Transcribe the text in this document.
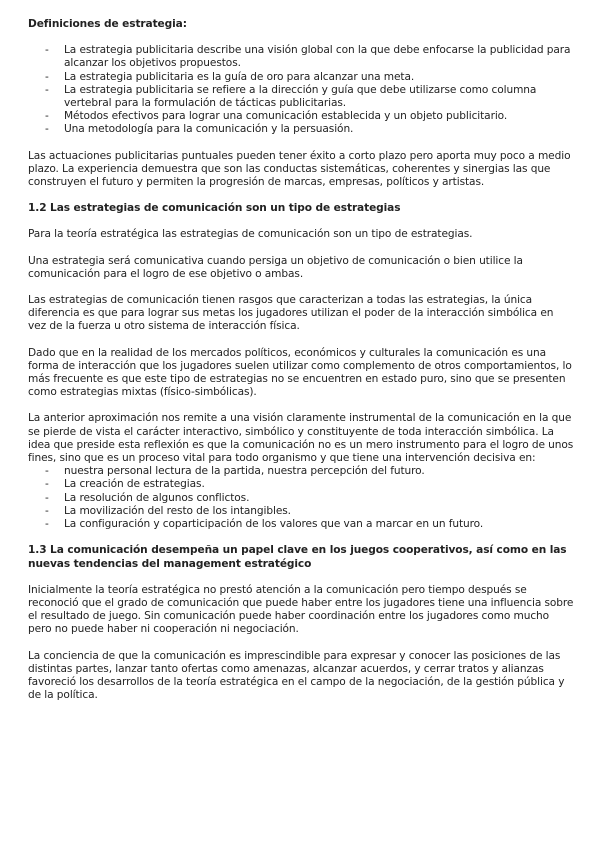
Definiciones de estrategia:

- La estrategia publicitaria describe una visión global con la que debe enfocarse la publicidad para alcanzar los objetivos propuestos.
- La estrategia publicitaria es la guía de oro para alcanzar una meta.
- La estrategia publicitaria se refiere a la dirección y guía que debe utilizarse como columna vertebral para la formulación de tácticas publicitarias.
- Métodos efectivos para lograr una comunicación establecida y un objeto publicitario.
- Una metodología para la comunicación y la persuasión.

Las actuaciones publicitarias puntuales pueden tener éxito a corto plazo pero aporta muy poco a medio plazo. La experiencia demuestra que son las conductas sistemáticas, coherentes y sinergias las que construyen el futuro y permiten la progresión de marcas, empresas, políticos y artistas.

1.2 Las estrategias de comunicación son un tipo de estrategias

Para la teoría estratégica las estrategias de comunicación son un tipo de estrategias.

Una estrategia será comunicativa cuando persiga un objetivo de comunicación o bien utilice la comunicación para el logro de ese objetivo o ambas.

Las estrategias de comunicación tienen rasgos que caracterizan a todas las estrategias, la única diferencia es que para lograr sus metas los jugadores utilizan el poder de la interacción simbólica en vez de la fuerza u otro sistema de interacción física.

Dado que en la realidad de los mercados políticos, económicos y culturales la comunicación es una forma de interacción que los jugadores suelen utilizar como complemento de otros comportamientos, lo más frecuente es que este tipo de estrategias no se encuentren en estado puro, sino que se presenten como estrategias mixtas (físico-simbólicas).

La anterior aproximación nos remite a una visión claramente instrumental de la comunicación en la que se pierde de vista el carácter interactivo, simbólico y constituyente de toda interacción simbólica. La idea que preside esta reflexión es que la comunicación no es un mero instrumento para el logro de unos fines, sino que es un proceso vital para todo organismo y que tiene una intervención decisiva en:

- nuestra personal lectura de la partida, nuestra percepción del futuro.
- La creación de estrategias.
- La resolución de algunos conflictos.
- La movilización del resto de los intangibles.
- La configuración y coparticipación de los valores que van a marcar en un futuro.

1.3 La comunicación desempeña un papel clave en los juegos cooperativos, así como en las nuevas tendencias del management estratégico

Inicialmente la teoría estratégica no prestó atención a la comunicación pero tiempo después se reconoció que el grado de comunicación que puede haber entre los jugadores tiene una influencia sobre el resultado de juego. Sin comunicación puede haber coordinación entre los jugadores como mucho pero no puede haber ni cooperación ni negociación.

La conciencia de que la comunicación es imprescindible para expresar y conocer las posiciones de las distintas partes, lanzar tanto ofertas como amenazas, alcanzar acuerdos, y cerrar tratos y alianzas favoreció los desarrollos de la teoría estratégica en el campo de la negociación, de la gestión pública y de la política.
